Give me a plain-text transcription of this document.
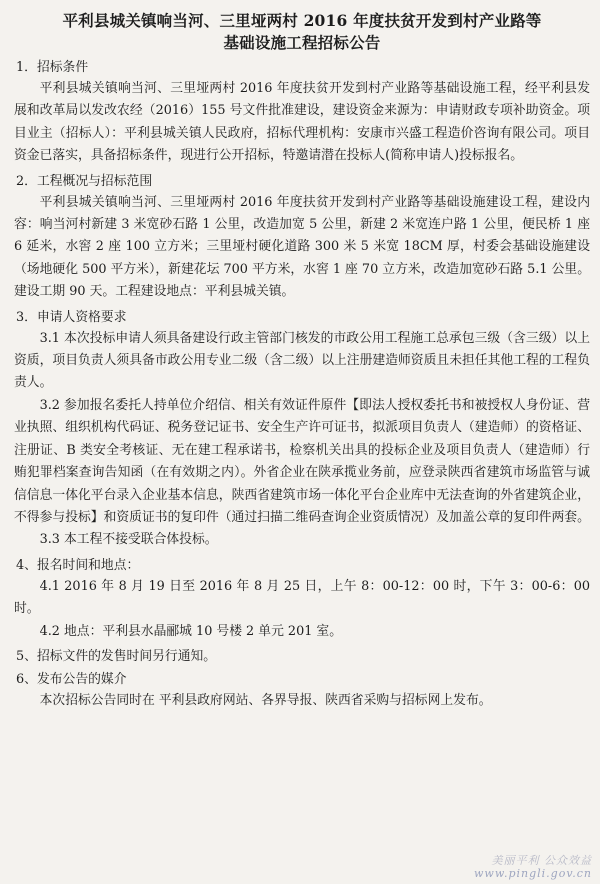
平利县城关镇响当河、三里垭两村 2016 年度扶贫开发到村产业路等
基础设施工程招标公告
1．招标条件

平利县城关镇响当河、三里垭两村 2016 年度扶贫开发到村产业路等基础设施工程，经平利县发展和改革局以发改农经（2016）155 号文件批准建设，建设资金来源为：申请财政专项补助资金。项目业主（招标人）：平利县城关镇人民政府，招标代理机构：安康市兴盛工程造价咨询有限公司。项目资金已落实，具备招标条件，现进行公开招标，特邀请潜在投标人(简称申请人)投标报名。

2．工程概况与招标范围

平利县城关镇响当河、三里垭两村 2016 年度扶贫开发到村产业路等基础设施建设工程，建设内容：响当河村新建 3 米宽砂石路 1 公里，改造加宽 5 公里，新建 2 米宽连户路 1 公里，便民桥 1 座 6 延米，水窖 2 座 100 立方米；三里垭村硬化道路 300 米 5 米宽 18CM 厚，村委会基础设施建设（场地硬化 500 平方米），新建花坛 700 平方米，水窖 1 座 70 立方米，改造加宽砂石路 5.1 公里。建设工期 90 天。工程建设地点：平利县城关镇。

3．申请人资格要求

3.1 本次投标申请人须具备建设行政主管部门核发的市政公用工程施工总承包三级（含三级）以上资质，项目负责人须具备市政公用专业二级（含二级）以上注册建造师资质且未担任其他工程的工程负责人。

3.2 参加报名委托人持单位介绍信、相关有效证件原件【即法人授权委托书和被授权人身份证、营业执照、组织机构代码证、税务登记证书、安全生产许可证书，拟派项目负责人（建造师）的资格证、注册证、B 类安全考核证、无在建工程承诺书，检察机关出具的投标企业及项目负责人（建造师）行贿犯罪档案查询告知函（在有效期之内）。外省企业在陕承揽业务前，应登录陕西省建筑市场监管与诚信信息一体化平台录入企业基本信息，陕西省建筑市场一体化平台企业库中无法查询的外省建筑企业，不得参与投标】和资质证书的复印件（通过扫描二维码查询企业资质情况）及加盖公章的复印件两套。

3.3 本工程不接受联合体投标。

4、报名时间和地点：

4.1 2016 年 8 月 19 日至 2016 年 8 月 25 日，上午 8：00-12：00 时，下午 3：00-6：00 时。

4.2 地点：平利县水晶郦城 10 号楼 2 单元 201 室。

5、招标文件的发售时间另行通知。
6、发布公告的媒介

本次招标公告同时在 平利县政府网站、各界导报、陕西省采购与招标网上发布。

美丽平利 公众效益
www.pingli.gov.cn
